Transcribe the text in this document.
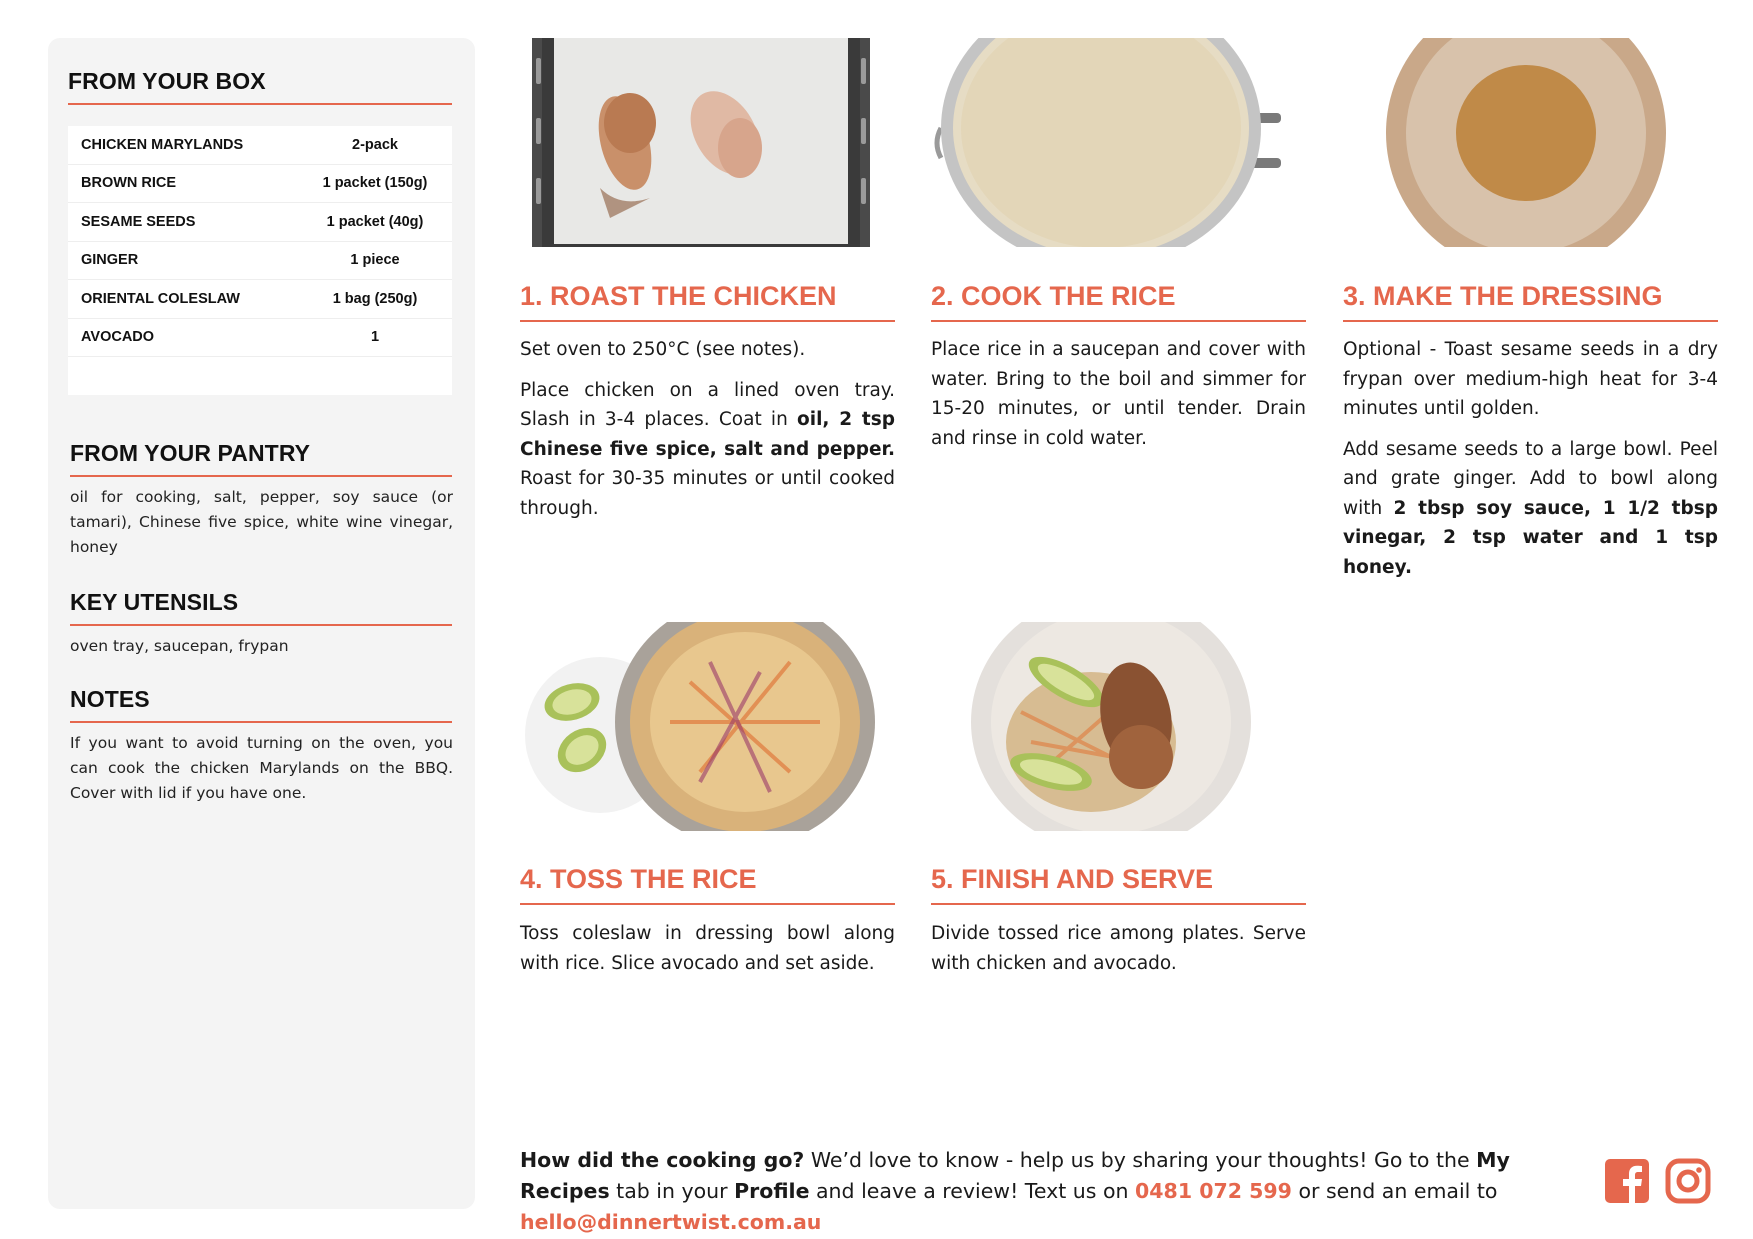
FROM YOUR BOX
CHICKEN MARYLANDS	2-pack
BROWN RICE	1 packet (150g)
SESAME SEEDS	1 packet (40g)
GINGER	1 piece
ORIENTAL COLESLAW	1 bag (250g)
AVOCADO	1
FROM YOUR PANTRY
oil for cooking, salt, pepper, soy sauce (or tamari), Chinese five spice, white wine vinegar, honey
KEY UTENSILS
oven tray, saucepan, frypan
NOTES
If you want to avoid turning on the oven, you can cook the chicken Marylands on the BBQ. Cover with lid if you have one.
1. ROAST THE CHICKEN

Set oven to 250°C (see notes).

Place chicken on a lined oven tray. Slash in 3-4 places. Coat in oil, 2 tsp Chinese five spice, salt and pepper. Roast for 30-35 minutes or until cooked through.

2. COOK THE RICE

Place rice in a saucepan and cover with water. Bring to the boil and simmer for 15-20 minutes, or until tender. Drain and rinse in cold water.

3. MAKE THE DRESSING

Optional - Toast sesame seeds in a dry frypan over medium-high heat for 3-4 minutes until golden.

Add sesame seeds to a large bowl. Peel and grate ginger. Add to bowl along with 2 tbsp soy sauce, 1 1/2 tbsp vinegar, 2 tsp water and 1 tsp honey.

4. TOSS THE RICE

Toss coleslaw in dressing bowl along with rice. Slice avocado and set aside.

5. FINISH AND SERVE

Divide tossed rice among plates. Serve with chicken and avocado.

How did the cooking go? We’d love to know - help us by sharing your thoughts! Go to the My Recipes tab in your Profile and leave a review! Text us on 0481 072 599 or send an email to hello@dinnertwist.com.au
